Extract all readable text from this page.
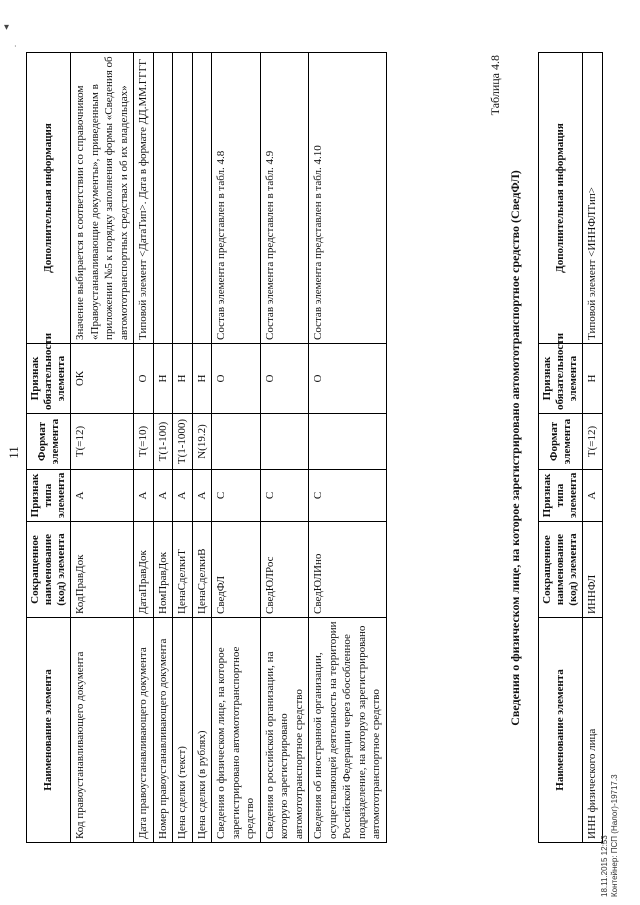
▾
·
11
Наименование элемента	Сокращенное наименование (код) элемента	Признак типа элемента	Формат элемента	Признак обязательности элемента	Дополнительная информация
Код правоустанавливающего документа	КодПравДок	А	T(=12)	ОК	Значение выбирается в соответствии со справочником «Правоустанавливающие документы», приведенным в приложении №5 к порядку заполнения формы «Сведения об автомототранспортных средствах и об их владельцах»
Дата правоустанавливающего документа	ДатаПравДок	А	T(=10)	О	Типовой элемент <ДатаТип>. Дата в формате ДД.ММ.ГГГГ
Номер правоустанавливающего документа	НомПравДок	А	T(1-100)	Н	
Цена сделки (текст)	ЦенаСделкиТ	А	T(1-1000)	Н	
Цена сделки (в рублях)	ЦенаСделкиВ	А	N(19.2)	Н	
Сведения о физическом лице, на которое зарегистрировано автомототранспортное средство	СведФЛ	С		О	Состав элемента представлен в табл. 4.8
Сведения о российской организации, на которую зарегистрировано автомототранспортное средство	СведЮЛРос	С		О	Состав элемента представлен в табл. 4.9
Сведения об иностранной организации, осуществляющей деятельность на территории Российской Федерации через обособленное подразделение, на которую зарегистрировано автомототранспортное средство	СведЮЛИно	С		О	Состав элемента представлен в табл. 4.10
Таблица 4.8
Сведения о физическом лице, на которое зарегистрировано автомототранспортное средство (СведФЛ)
Наименование элемента	Сокращенное наименование (код) элемента	Признак типа элемента	Формат элемента	Признак обязательности элемента	Дополнительная информация
ИНН физического лица	ИННФЛ	А	T(=12)	Н	Типовой элемент <ИННФЛТип>
18.11.2015 12:53 Контейнер: ПСП (Налог)-19717.3
